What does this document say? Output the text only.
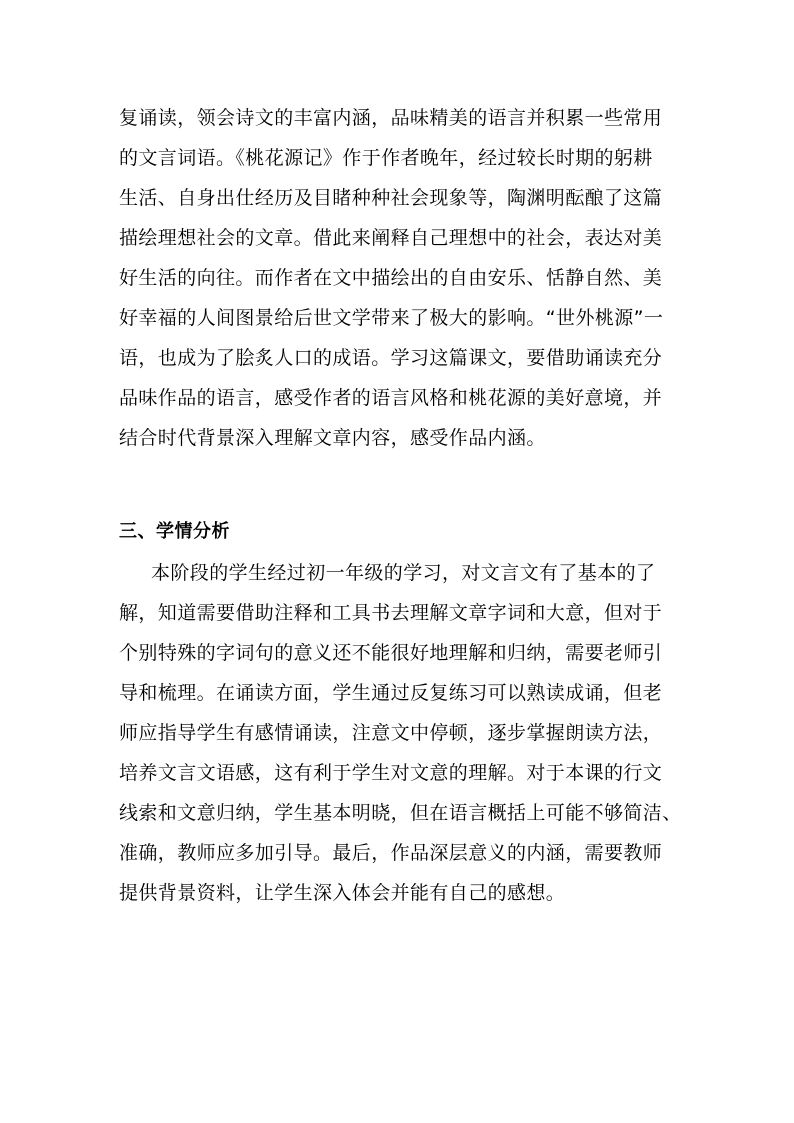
复诵读，领会诗文的丰富内涵，品味精美的语言并积累一些常用
的文言词语。《桃花源记》作于作者晚年，经过较长时期的躬耕
生活、自身出仕经历及目睹种种社会现象等，陶渊明酝酿了这篇
描绘理想社会的文章。借此来阐释自己理想中的社会，表达对美
好生活的向往。而作者在文中描绘出的自由安乐、恬静自然、美
好幸福的人间图景给后世文学带来了极大的影响。“世外桃源”一
语，也成为了脍炙人口的成语。学习这篇课文，要借助诵读充分
品味作品的语言，感受作者的语言风格和桃花源的美好意境，并
结合时代背景深入理解文章内容，感受作品内涵。
三、学情分析
本阶段的学生经过初一年级的学习，对文言文有了基本的了
解，知道需要借助注释和工具书去理解文章字词和大意，但对于
个别特殊的字词句的意义还不能很好地理解和归纳，需要老师引
导和梳理。在诵读方面，学生通过反复练习可以熟读成诵，但老
师应指导学生有感情诵读，注意文中停顿，逐步掌握朗读方法，
培养文言文语感，这有利于学生对文意的理解。对于本课的行文
线索和文意归纳，学生基本明晓，但在语言概括上可能不够简洁、
准确，教师应多加引导。最后，作品深层意义的内涵，需要教师
提供背景资料，让学生深入体会并能有自己的感想。
